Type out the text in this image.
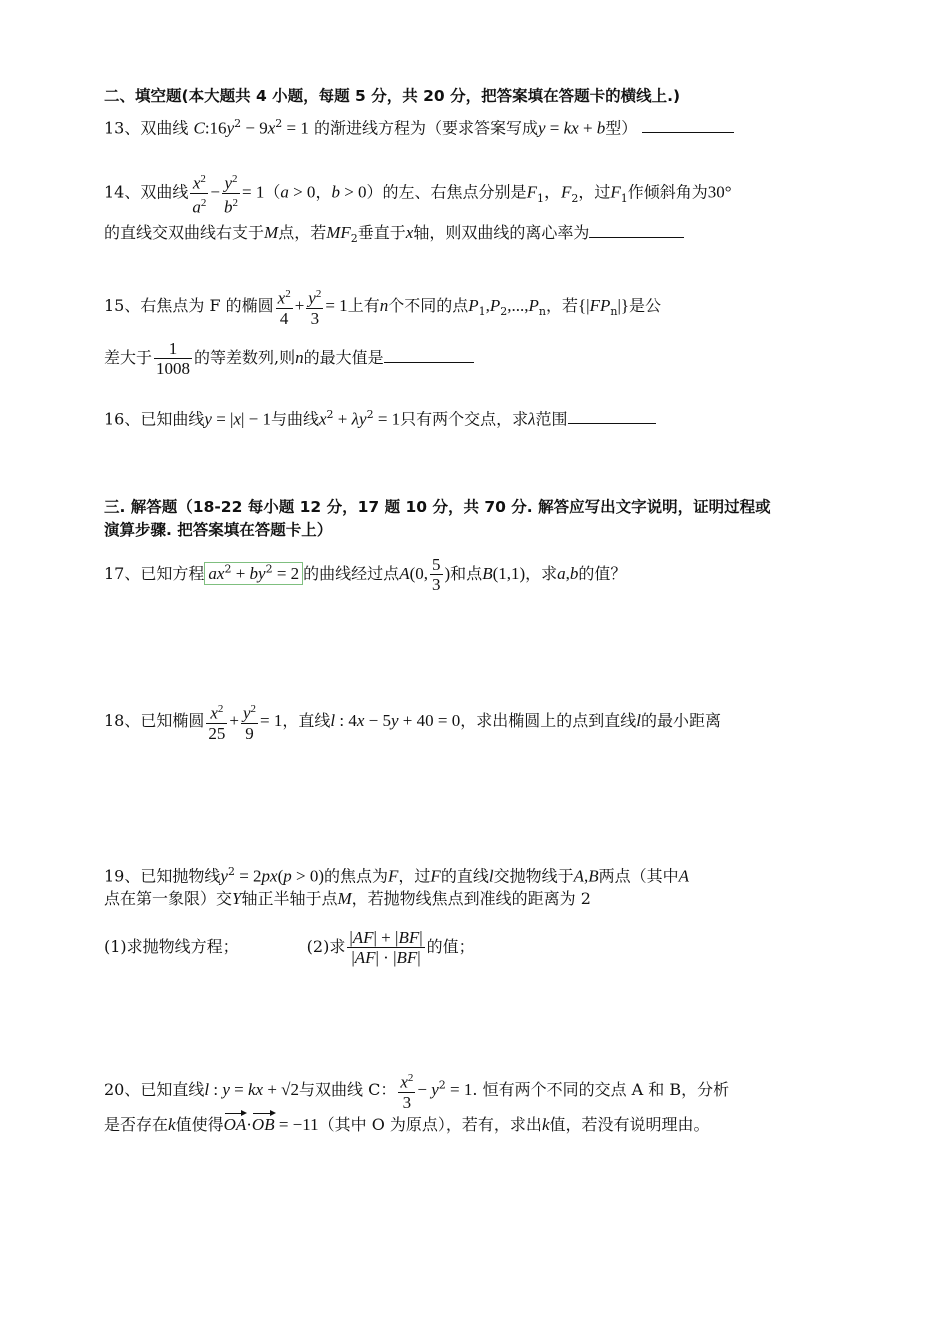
二、填空题(本大题共 4 小题，每题 5 分，共 20 分，把答案填在答题卡的横线上.)
13、双曲线 $C:16y^2 - 9x^2 = 1$ 的渐进线方程为（要求答案写成y = kx + b型）
14、双曲线 $\frac{x^2}{a^2} - \frac{y^2}{b^2} = 1(a > 0$，b > 0）的左、右焦点分别是$F_1$，$F_2$，过$F_1$作倾斜角为30°
的直线交双曲线右支于M点，若$MF_2$垂直于x轴，则双曲线的离心率为
15、右焦点为 F 的椭圆 $\frac{x^2}{4} + \frac{y^2}{3} = 1$上有n个不同的点$P_1,P_2,...,P_n$，若$\{|FP_n|\}$是公
差大于 $\frac{1}{1008}$ 的等差数列,则n的最大值是
16、已知曲线y = |x| − 1与曲线$x^2 + \lambda y^2 = 1$只有两个交点，求λ范围
三. 解答题（18-22 每小题 12 分，17 题 10 分，共 70 分. 解答应写出文字说明，证明过程或
演算步骤. 把答案填在答题卡上）
17、已知方程 $ax^2 + by^2 = 2$ 的曲线经过点A(0, $\frac{5}{3}$ )和点B(1,1)，求a,b的值？
18、已知椭圆 $\frac{x^2}{25} + \frac{y^2}{9} = 1$，直线l : 4x − 5y + 40 = 0，求出椭圆上的点到直线l的最小距离
19、已知抛物线$y^2 = 2px(p > 0)$的焦点为F，过F的直线l交抛物线于A,B两点（其中A
点在第一象限）交Y轴正半轴于点M，若抛物线焦点到准线的距离为 2
(1)求抛物线方程；	(2)求 $\frac{|AF| + |BF|}{|AF| \cdot |BF|}$ 的值；
20、已知直线l : y = kx + √2与双曲线 C： $\frac{x^2}{3} - y^2 = 1$. 恒有两个不同的交点 A 和 B，分析
是否存在k值使得OA·OB = −11（其中 O 为原点），若有，求出k值，若没有说明理由。
